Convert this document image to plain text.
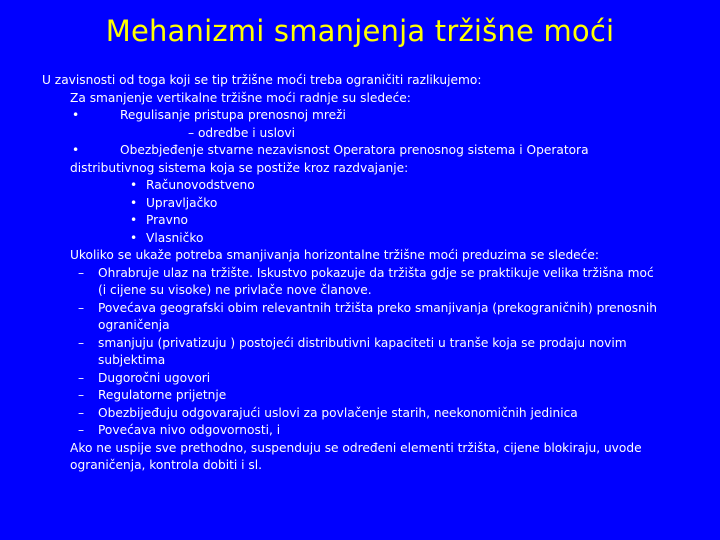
Mehanizmi smanjenja tržišne moći
U zavisnosti od toga koji se tip tržišne moći treba ograničiti razlikujemo:
Za smanjenje vertikalne tržišne moći radnje su sledeće:
•	Regulisanje pristupa prenosnoj mreži
– odredbe i uslovi
•	Obezbjeđenje stvarne nezavisnost Operatora prenosnog sistema i Operatora distributivnog sistema koja se postiže kroz razdvajanje:
• Računovodstveno
• Upravljačko
• Pravno
• Vlasničko
Ukoliko se ukaže potreba smanjivanja horizontalne tržišne moći preduzima se sledeće:
–	Ohrabruje ulaz na tržište. Iskustvo pokazuje da tržišta gdje se praktikuje velika tržišna moć (i cijene su visoke) ne privlače nove članove.
–	Povećava geografski obim relevantnih tržišta preko smanjivanja (prekograničnih) prenosnih ograničenja
–	smanjuju (privatizuju ) postojeći distributivni kapaciteti u tranše koja se prodaju novim subjektima
–	Dugoročni ugovori
–	Regulatorne prijetnje
–	Obezbijeđuju odgovarajući uslovi za povlačenje starih, neekonomičnih jedinica
–	Povećava nivo odgovornosti, i
Ako ne uspije sve prethodno, suspenduju se određeni elementi tržišta, cijene blokiraju, uvode ograničenja, kontrola dobiti i sl.
